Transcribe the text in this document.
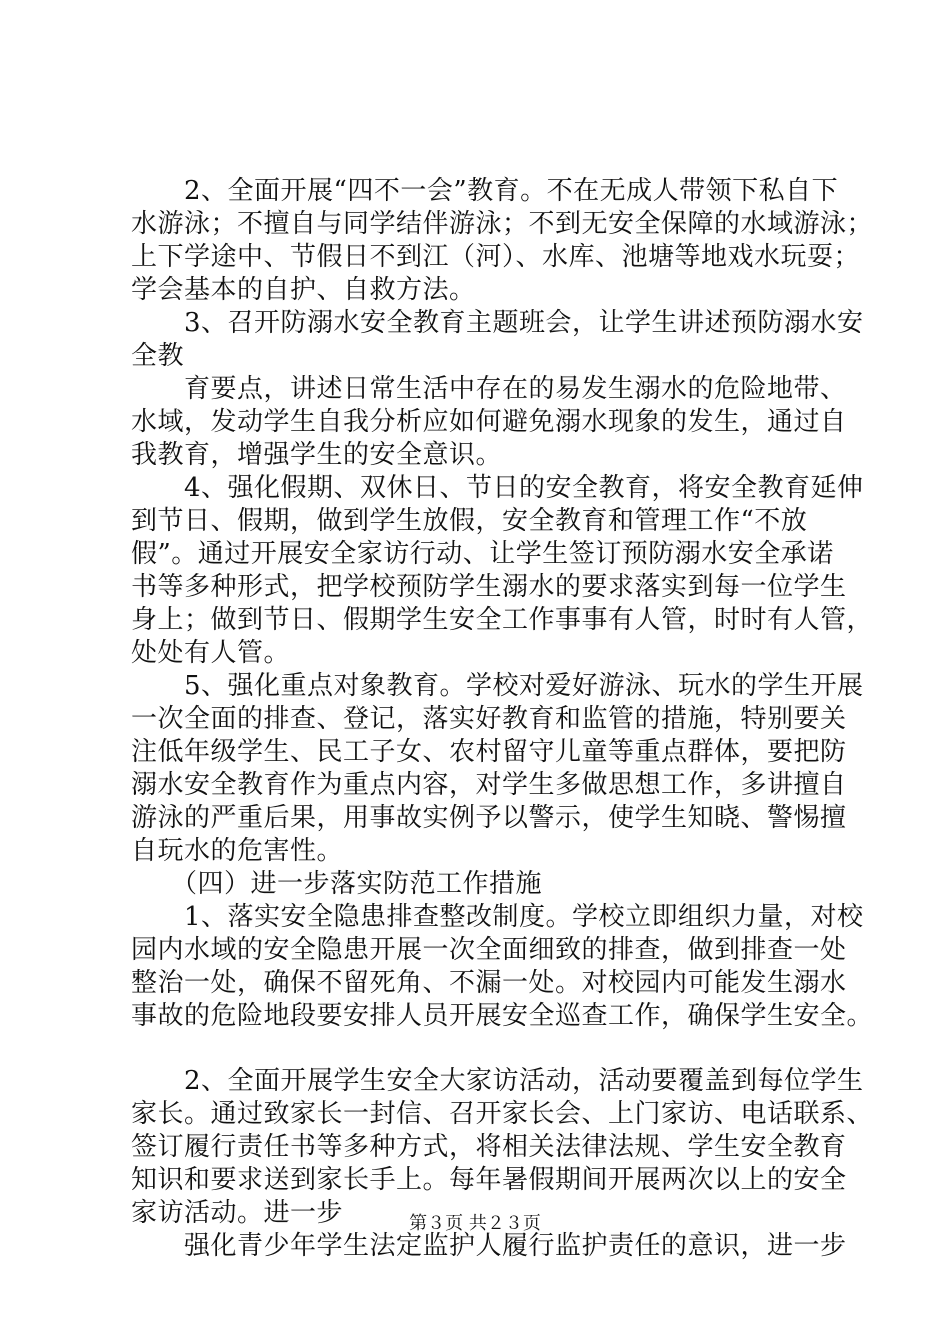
　　2、全面开展“四不一会”教育。不在无成人带领下私自下
水游泳；不擅自与同学结伴游泳；不到无安全保障的水域游泳；
上下学途中、节假日不到江（河）、水库、池塘等地戏水玩耍；
学会基本的自护、自救方法。
　　3、召开防溺水安全教育主题班会，让学生讲述预防溺水安
全教
　　育要点，讲述日常生活中存在的易发生溺水的危险地带、
水域，发动学生自我分析应如何避免溺水现象的发生，通过自
我教育，增强学生的安全意识。
　　4、强化假期、双休日、节日的安全教育，将安全教育延伸
到节日、假期，做到学生放假，安全教育和管理工作“不放
假”。通过开展安全家访行动、让学生签订预防溺水安全承诺
书等多种形式，把学校预防学生溺水的要求落实到每一位学生
身上；做到节日、假期学生安全工作事事有人管，时时有人管，
处处有人管。
　　5、强化重点对象教育。学校对爱好游泳、玩水的学生开展
一次全面的排查、登记，落实好教育和监管的措施，特别要关
注低年级学生、民工子女、农村留守儿童等重点群体，要把防
溺水安全教育作为重点内容，对学生多做思想工作，多讲擅自
游泳的严重后果，用事故实例予以警示，使学生知晓、警惕擅
自玩水的危害性。
　　（四）进一步落实防范工作措施
　　1、落实安全隐患排查整改制度。学校立即组织力量，对校
园内水域的安全隐患开展一次全面细致的排查，做到排查一处
整治一处，确保不留死角、不漏一处。对校园内可能发生溺水
事故的危险地段要安排人员开展安全巡查工作，确保学生安全。
　　2、全面开展学生安全大家访活动，活动要覆盖到每位学生
家长。通过致家长一封信、召开家长会、上门家访、电话联系、
签订履行责任书等多种方式，将相关法律法规、学生安全教育
知识和要求送到家长手上。每年暑假期间开展两次以上的安全
家访活动。进一步
　　强化青少年学生法定监护人履行监护责任的意识，进一步
第３页 共２３页
